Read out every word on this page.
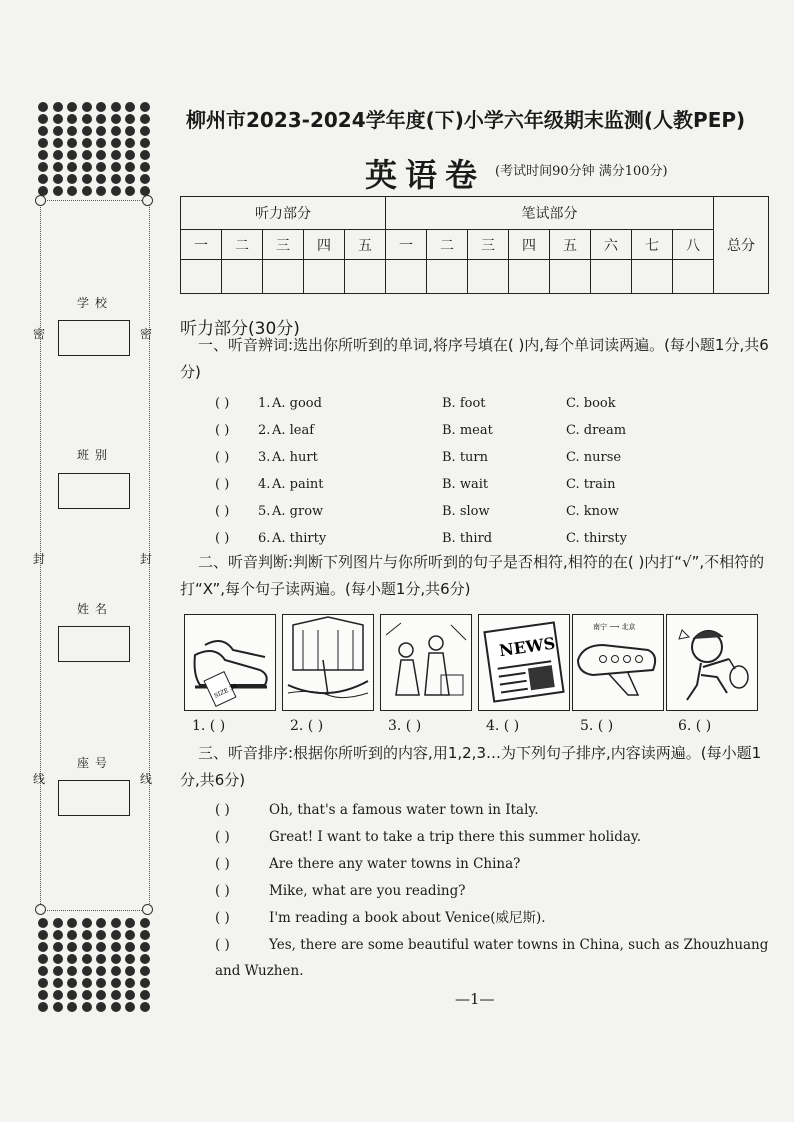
密	密
封	封
线	线
学校
班别
姓名
座号
柳州市2023-2024学年度(下)小学六年级期末监测(人教PEP)
英语卷 (考试时间90分钟 满分100分)
听力部分					笔试部分								总分
一	二	三	四	五	一	二	三	四	五	六	七	八	

听力部分(30分)
一、听音辨词:选出你所听到的单词,将序号填在( )内,每个单词读两遍。(每小题1分,共6分)
( ) 1. A. good	B. foot	C. book
( ) 2. A. leaf	B. meat	C. dream
( ) 3. A. hurt	B. turn	C. nurse
( ) 4. A. paint	B. wait	C. train
( ) 5. A. grow	B. slow	C. know
( ) 6. A. thirty	B. third	C. thirsty
二、听音判断:判断下列图片与你所听到的句子是否相符,相符的在( )内打“√”,不相符的打“X”,每个句子读两遍。(每小题1分,共6分)
SIZE 36
NEWS
南宁 ⟶ 北京
1. ( )	2. ( )	3. ( )	4. ( )	5. ( )	6. ( )
三、听音排序:根据你所听到的内容,用1,2,3…为下列句子排序,内容读两遍。(每小题1分,共6分)
( )	Oh, that's a famous water town in Italy.
( )	Great! I want to take a trip there this summer holiday.
( )	Are there any water towns in China?
( )	Mike, what are you reading?
( )	I'm reading a book about Venice(威尼斯).
( )	Yes, there are some beautiful water towns in China, such as Zhouzhuang and Wuzhen.
—1—
